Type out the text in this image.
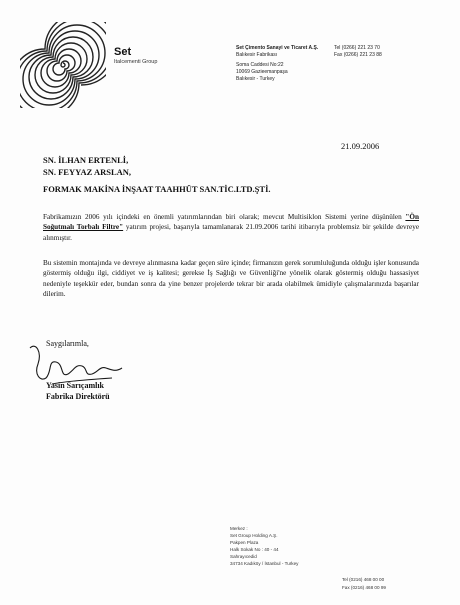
Set
Italcementi Group
Set Çimento Sanayi ve Ticaret A.Ş.
Balıkesir Fabrikası
Soma Caddesi No:22
10069 Gazieemanpaşa
Balıkesir - Turkey
Tel (0266) 221 23 70
Fax (0266) 221 23 88
21.09.2006
SN. İLHAN ERTENLİ,
SN. FEYYAZ ARSLAN,
FORMAK MAKİNA İNŞAAT TAAHHÜT SAN.TİC.LTD.ŞTİ.
Fabrikamızın 2006 yılı içindeki en önemli yatırımlarından biri olarak; mevcut Multisiklon Sistemi yerine düşünülen "Ön Soğutmalı Torbalı Filtre" yatırım projesi, başarıyla tamamlanarak 21.09.2006 tarihi itibarıyla problemsiz bir şekilde devreye alınmıştır.
Bu sistemin montajında ve devreye alınmasına kadar geçen süre içinde; firmanızın gerek sorumluluğunda olduğu işler konusunda göstermiş olduğu ilgi, ciddiyet ve iş kalitesi; gerekse İş Sağlığı ve Güvenliği'ne yönelik olarak göstermiş olduğu hassasiyet nedeniyle teşekkür eder, bundan sonra da yine benzer projelerde tekrar bir arada olabilmek ümidiyle çalışmalarınızda başarılar dilerim.
Saygılarımla,
Yasin Sarıçamlık
Fabrika Direktörü
Merkez :
Set Group Holding A.Ş.
Pakpen Plaza
Halk Sokak No : 40 - 44
Sahrayıcedid
34734 Kadıköy / İstanbul - Turkey
Tel (0216) 468 00 00
Fax (0216) 468 00 99
